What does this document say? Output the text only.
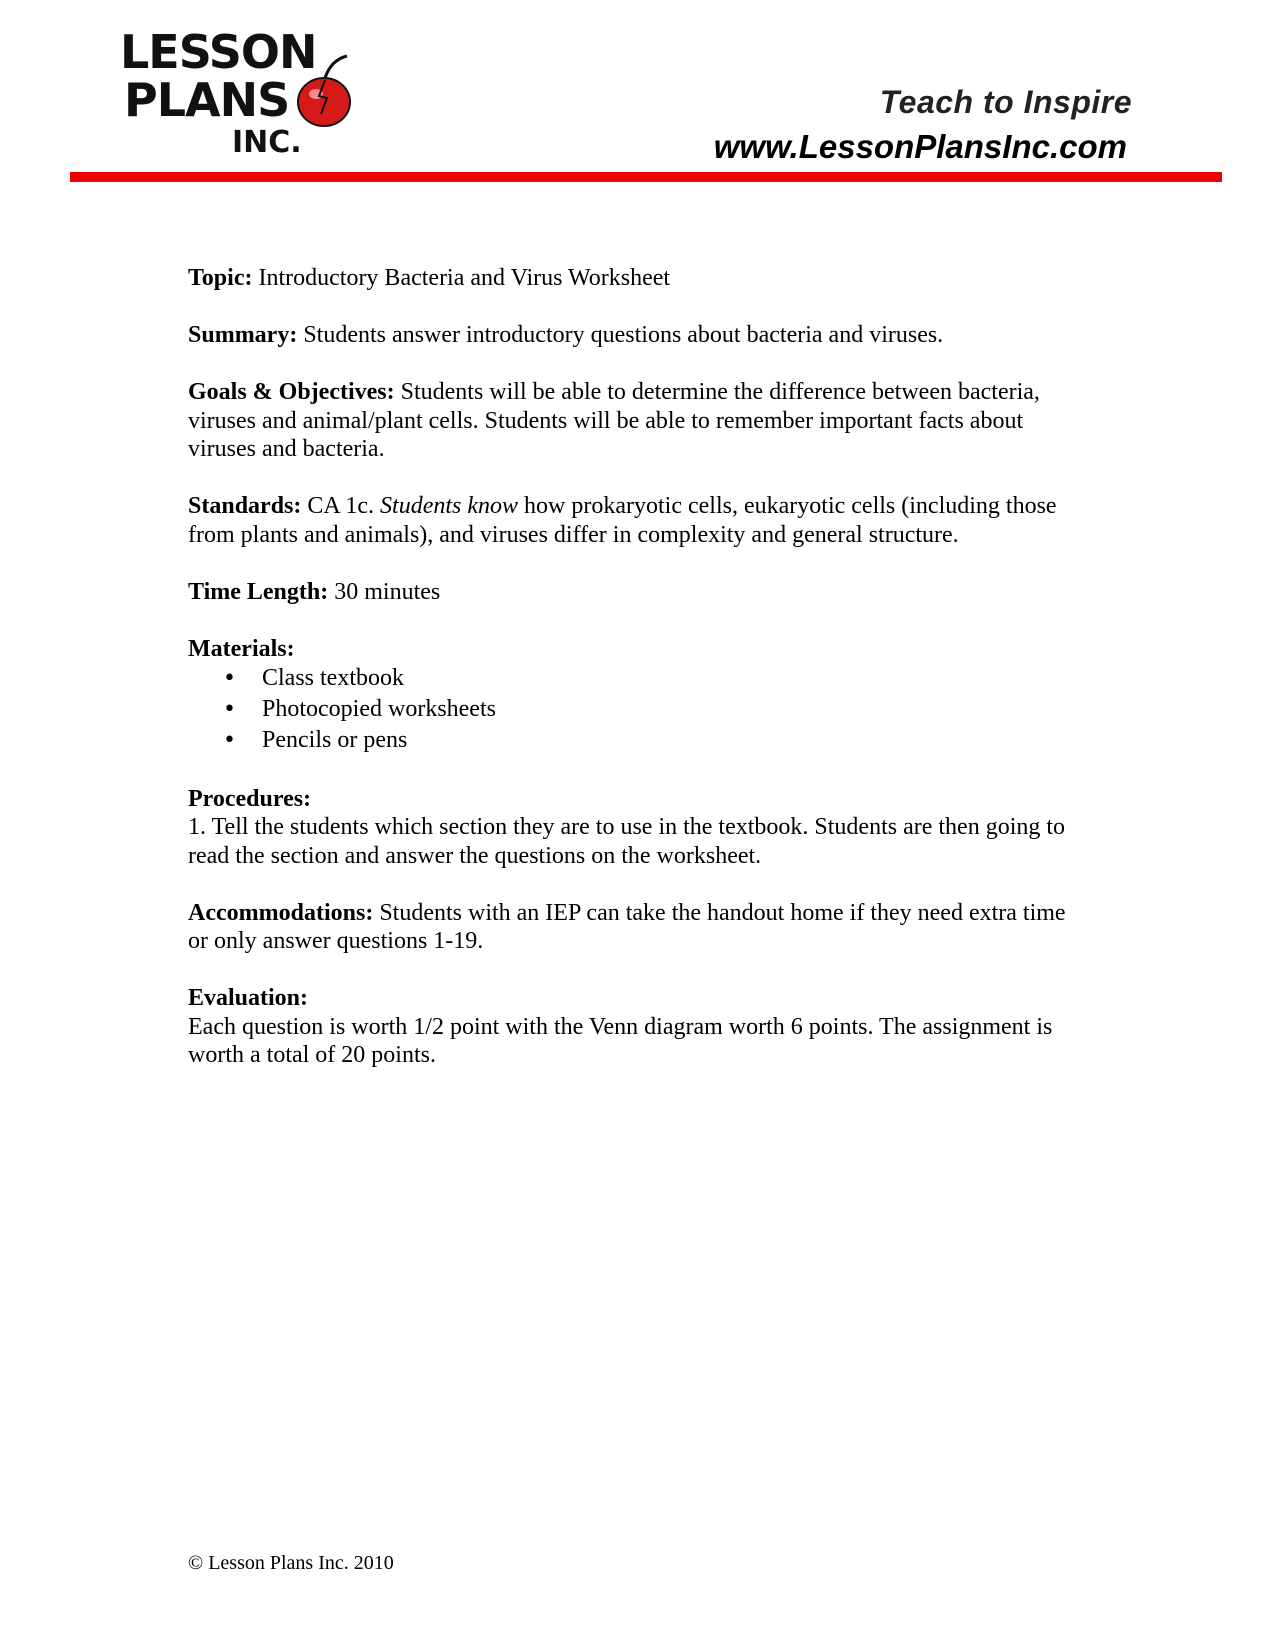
LESSON
PLANS
INC.
Teach to Inspire
www.LessonPlansInc.com

Topic: Introductory Bacteria and Virus Worksheet

Summary: Students answer introductory questions about bacteria and viruses.

Goals & Objectives: Students will be able to determine the difference between bacteria, viruses and animal/plant cells. Students will be able to remember important facts about viruses and bacteria.

Standards: CA 1c. Students know how prokaryotic cells, eukaryotic cells (including those from plants and animals), and viruses differ in complexity and general structure.

Time Length: 30 minutes

Materials:

• Class textbook
• Photocopied worksheets
• Pencils or pens

Procedures:

1. Tell the students which section they are to use in the textbook. Students are then going to read the section and answer the questions on the worksheet.

Accommodations: Students with an IEP can take the handout home if they need extra time or only answer questions 1-19.

Evaluation:

Each question is worth 1/2 point with the Venn diagram worth 6 points. The assignment is worth a total of 20 points.

© Lesson Plans Inc. 2010
